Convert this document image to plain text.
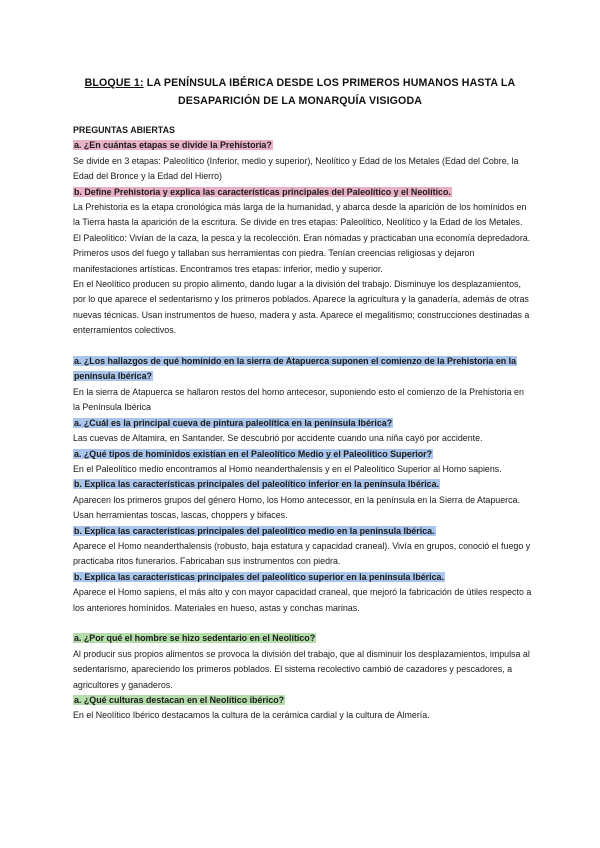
BLOQUE 1: LA PENÍNSULA IBÉRICA DESDE LOS PRIMEROS HUMANOS HASTA LA
DESAPARICIÓN DE LA MONARQUÍA VISIGODA
PREGUNTAS ABIERTAS
a. ¿En cuántas etapas se divide la Prehistoria?
Se divide en 3 etapas: Paleolítico (Inferior, medio y superior), Neolítico y Edad de los Metales (Edad del Cobre, la Edad del Bronce y la Edad del Hierro)
b. Define Prehistoria y explica las características principales del Paleolítico y el Neolítico.
La Prehistoria es la etapa cronológica más larga de la humanidad, y abarca desde la aparición de los homínidos en la Tierra hasta la aparición de la escritura. Se divide en tres etapas: Paleolítico, Neolítico y la Edad de los Metales.
El Paleolítico: Vivían de la caza, la pesca y la recolección. Eran nómadas y practicaban una economía depredadora. Primeros usos del fuego y tallaban sus herramientas con piedra. Tenían creencias religiosas y dejaron manifestaciones artísticas. Encontramos tres etapas: inferior, medio y superior.
En el Neolítico producen su propio alimento, dando lugar a la división del trabajo. Disminuye los desplazamientos, por lo que aparece el sedentarismo y los primeros poblados. Aparece la agricultura y la ganadería, además de otras nuevas técnicas. Usan instrumentos de hueso, madera y asta. Aparece el megalitismo; construcciones destinadas a enterramientos colectivos.
a. ¿Los hallazgos de qué homínido en la sierra de Atapuerca suponen el comienzo de la Prehistoria en la península Ibérica?
En la sierra de Atapuerca se hallaron restos del homo antecesor, suponiendo esto el comienzo de la Prehistoria en la Península Ibérica
a. ¿Cuál es la principal cueva de pintura paleolítica en la península Ibérica?
Las cuevas de Altamira, en Santander. Se descubrió por accidente cuando una niña cayó por accidente.
a. ¿Qué tipos de homínidos existían en el Paleolítico Medio y el Paleolítico Superior?
En el Paleolítico medio encontramos al Homo neanderthalensis y en el Paleolítico Superior al Homo sapiens.
b. Explica las características principales del paleolítico inferior en la península Ibérica.
Aparecen los primeros grupos del género Homo, los Homo antecessor, en la península en la Sierra de Atapuerca. Usan herramientas toscas, lascas, choppers y bifaces.
b. Explica las características principales del paleolítico medio en la península Ibérica.
Aparece el Homo neanderthalensis (robusto, baja estatura y capacidad craneal). Vivía en grupos, conoció el fuego y practicaba ritos funerarios. Fabricaban sus instrumentos con piedra.
b. Explica las características principales del paleolítico superior en la península Ibérica.
Aparece el Homo sapiens, el más alto y con mayor capacidad craneal, que mejoró la fabricación de útiles respecto a los anteriores homínidos. Materiales en hueso, astas y conchas marinas.
a. ¿Por qué el hombre se hizo sedentario en el Neolítico?
Al producir sus propios alimentos se provoca la división del trabajo, que al disminuir los desplazamientos, impulsa al sedentarismo, apareciendo los primeros poblados. El sistema recolectivo cambió de cazadores y pescadores, a agricultores y ganaderos.
a. ¿Qué culturas destacan en el Neolítico ibérico?
En el Neolítico Ibérico destacamos la cultura de la cerámica cardial y la cultura de Almería.
